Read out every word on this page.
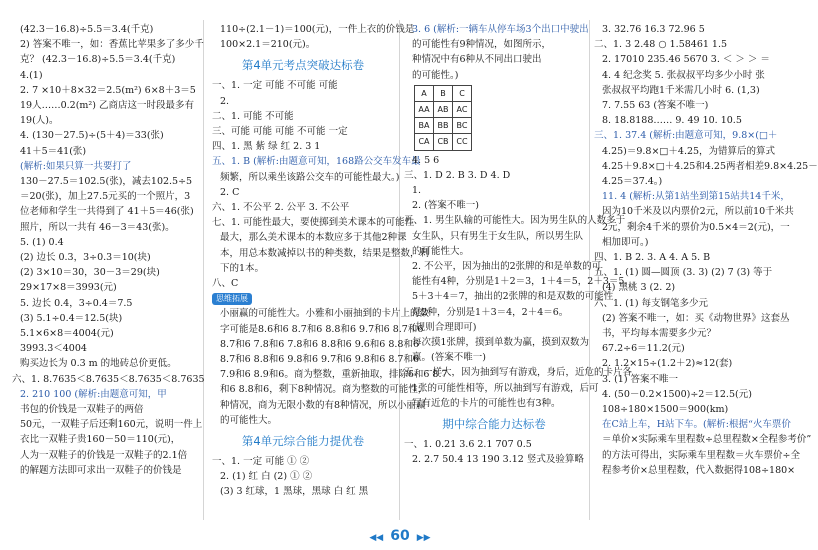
(42.3－16.8)÷5.5＝3.4(千克)
2) 答案不唯一，如：香蕉比苹果多了多少千
克？ (42.3－16.8)÷5.5＝3.4(千克)
4.(1)
2. 7 ×10＋8×32＝2.5(m²) 6×8＋3＝5
19人……0.2(m²) 乙商店这一时段最多有
19(人)。
4. (130－27.5)÷(5＋4)＝33(张)
41＋5＝41(张)
(解析:如果只算一共要打了
130－27.5＝102.5(张)，减去102.5÷5
＝20(张)，加上27.5元买的一个照片，3
位老师和学生一共得到了 41＋5＝46(张)
照片，所以一共有 46－3＝43(张)。
5. (1) 0.4
(2) 边长 0.3，3÷0.3＝10(块)
(2) 3×10＝30，30－3＝29(块)
29×17×8＝3993(元)
5. 边长 0.4，3÷0.4＝7.5
(3) 5.1÷0.4＝12.5(块)
5.1×6×8＝4004(元)
3993.3＜4004
购买边长为 0.3 m 的地砖总价更低。
六、1. 8.7635＜8.7635＜8.7635＜8.7635
2. 210 100 (解析:由题意可知，甲
书包的价钱是一双鞋子的两倍
50元，一双鞋子后还剩160元，说明一件上
衣比一双鞋子贵160－50＝110(元)，
人为一双鞋子的价钱是一双鞋子的2.1倍
的解题方法即可求出一双鞋子的价钱是
110÷(2.1－1)＝100(元)，一件上衣的价钱是
100×2.1＝210(元)。
第4单元考点突破达标卷
一、1. 一定 可能 不可能 可能
2.
二、1. 可能 不可能
三、可能 可能 可能 不可能 一定
四、1. 黑 紫 绿 红 2. 3 1
五、1. B (解析:由题意可知，168路公交车发车最
频繁，所以乘坐该路公交车的可能性最大。)
2. C
六、1. 不公平 2. 公平 3. 不公平
七、1. 可能性最大，要使掷到美术课本的可能性
最大，那么美术课本的本数应多于其他2种课
本，用总本数减掉以书的种类数，结果是整数，剩
下的1本。
八、C
思维拓展
小丽赢的可能性大。小雅和小丽抽到的卡片上的数
字可能是8.6和6 8.7和6 8.8和6 9.7和6 8.7和6
8.7和6 7.8和6 7.8和6 8.8和6 9.6和6 8.8和6
8.7和6 8.8和6 9.8和6 9.7和6 9.8和6 8.7和6
7.9和6 8.9和6。商为整数，重新抽取，排除6和6 8.7
和6 8.8和6，剩下8种情况。商为整数的可能性，
种情况，商为无限小数的有8种情况，所以小丽赢
的可能性大。
第4单元综合能力提优卷
一、1. 一定 可能 ① ②
2. (1) 红 白 (2) ① ②
(3) 3 红球，1 黑球，黑球 白 红 黑
3. 6 (解析:一辆车从停车场3个出口中驶出
的可能性有9种情况，如图所示，
种情况中有6种从不同出口驶出
的可能性。)
A	B	C
AA	AB	AC
BA	BB	BC
CA	CB	CC
4. 5 6
三、1. D 2. B 3. D 4. D
1.
2. (答案不唯一)
五、1. 男生队输的可能性大。因为男生队的人数多于
女生队，只有男生于女生队，所以男生队
的可能性大。
2. 不公平，因为抽出的2张牌的和是单数的可
能性有4种，分别是1＋2＝3，1＋4＝5，2＋3＝5，
5＋3＋4＝7，抽出的2张牌的和是双数的可能性
是2种，分别是1＋3＝4，2＋4＝6。
(规则合理即可)
每次摸1张牌，摸到单数为赢，摸到双数为
赢。(答案不唯一)
五、一样大，因为抽到写有游戏，身后，近危的卡片各
1张的可能性相等，所以抽到写有游戏，后可
写有近危的卡片的可能性也有3种。
期中综合能力达标卷
一、1. 0.21 3.6 2.1 707 0.5
2. 2.7 50.4 13 190 3.12 竖式及验算略
3. 32.76 16.3 72.96 5
二、1. 3 2.48 ○ 1.58461 1.5
2. 17010 235.46 5670 3. ＜ ＞ ＞ ＝
4. 4 纪念奖 5. 张叔叔平均多少小时 张
张叔叔平均跑1千米需几小时 6. (1,3)
7. 7.55 63 (答案不唯一)
8. 18.8188…… 9. 49 10. 10.5
三、1. 37.4 (解析:由题意可知，9.8×(□＋
4.25)＝9.8×□＋4.25，为错算后的算式
4.25＋9.8×□＋4.25和4.25两者相差9.8×4.25－
4.25＝37.4。)
11. 4 (解析:从第1站坐到第15站共14千米，
因为10千米及以内票价2元，所以前10千米共
2元，剩余4千米的票价为0.5×4＝2(元)，一
相加即可。)
四、1. B 2. 3. A 4. A 5. B
五、1. (1) 圆—圆顶 (3. 3) (2) 7 (3) 等于
(4) 黑桃 3 (2. 2)
六、1. (1) 每支钢笔多少元
(2) 答案不唯一，如：买《动物世界》这套丛
书，平均每本需要多少元？
67.2÷6＝11.2(元)
2. 1.2×15÷(1.2＋2)≈12(套)
3. (1) 答案不唯一
4. (50－0.2×1500)÷2＝12.5(元)
108÷180×1500＝900(km)
在C站上车，H站下车。(解析:根据“火车票价
＝单价×实际乘车里程数÷总里程数×全程参考价”
的方法可得出，实际乘车里程数＝火车票价÷全
程参考价×总里程数，代入数据得108÷180×
◀◀ 60 ▶▶
